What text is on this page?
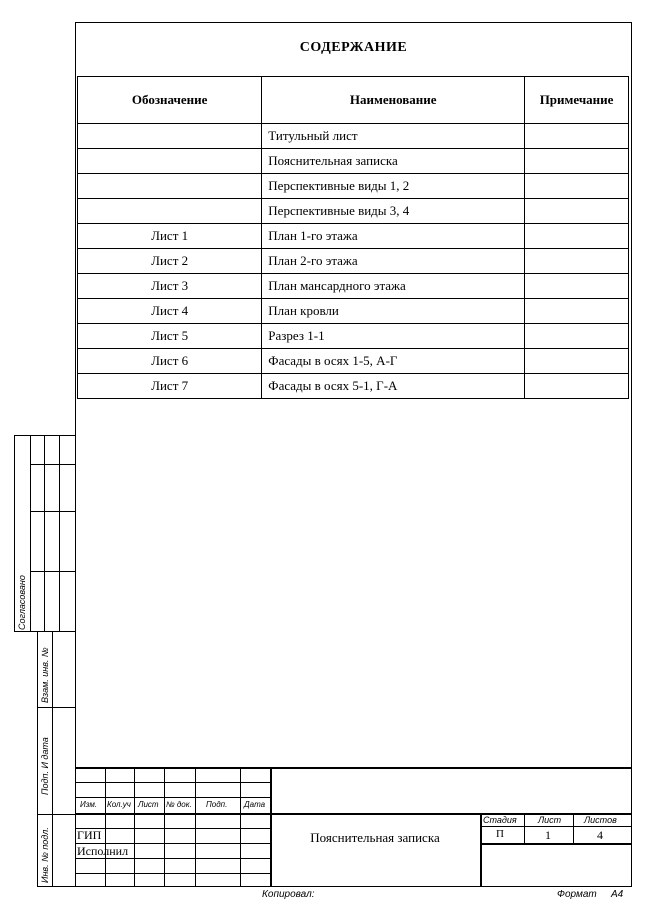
СОДЕРЖАНИЕ
Обозначение	Наименование	Примечание
	Титульный лист	
	Пояснительная записка	
	Перспективные виды 1, 2	
	Перспективные виды 3, 4	
Лист 1	План 1-го этажа	
Лист 2	План 2-го этажа	
Лист 3	План мансардного этажа	
Лист 4	План кровли	
Лист 5	Разрез 1-1	
Лист 6	Фасады в осях 1-5, А-Г	
Лист 7	Фасады в осях 5-1, Г-А	
Согласовано
Взам. инв. №
Подп. И дата
Инв. № подл.
Изм. Кол.уч Лист № док. Подп. Дата
ГИП
Исполнил
Пояснительная записка
Стадия Лист	Листов
П	1	4
Копировал:	Формат А4
